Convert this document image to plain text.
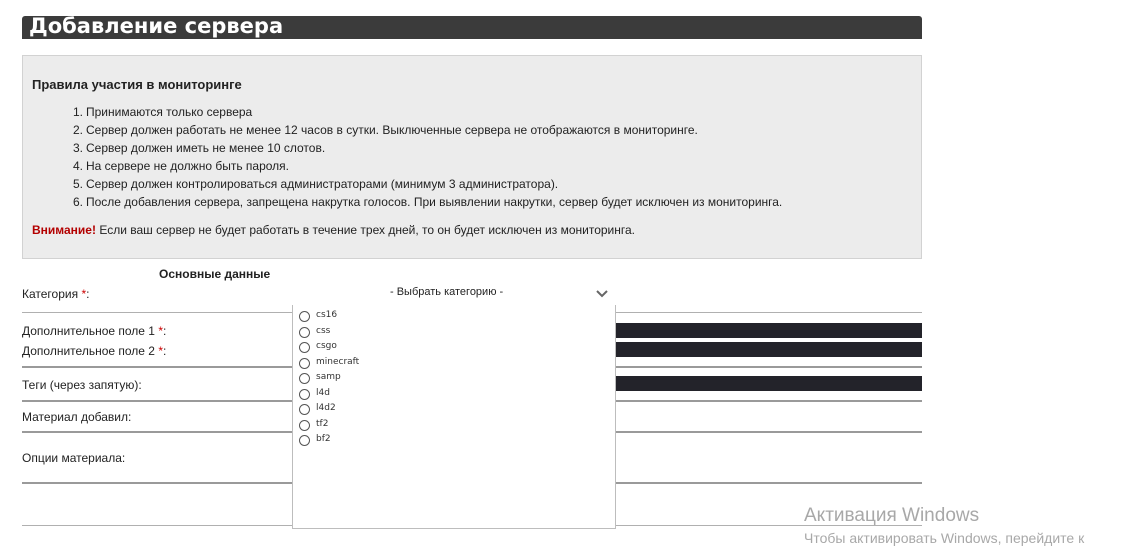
Добавление сервера
Правила участия в мониторинге
1. Принимаются только сервера
2. Сервер должен работать не менее 12 часов в сутки. Выключенные сервера не отображаются в мониторинге.
3. Сервер должен иметь не менее 10 слотов.
4. На сервере не должно быть пароля.
5. Сервер должен контролироваться администраторами (минимум 3 администратора).
6. После добавления сервера, запрещена накрутка голосов. При выявлении накрутки, сервер будет исключен из мониторинга.
Внимание! Если ваш сервер не будет работать в течение трех дней, то он будет исключен из мониторинга.
Основные данные
Категория *:	- Выбрать категорию -
Дополнительное поле 1 *:
Дополнительное поле 2 *:
Теги (через запятую):
Материал добавил:
Опции материала:
cs16
css
csgo
minecraft
samp
l4d
l4d2
tf2
bf2
Активация Windows
Чтобы активировать Windows, перейдите к
